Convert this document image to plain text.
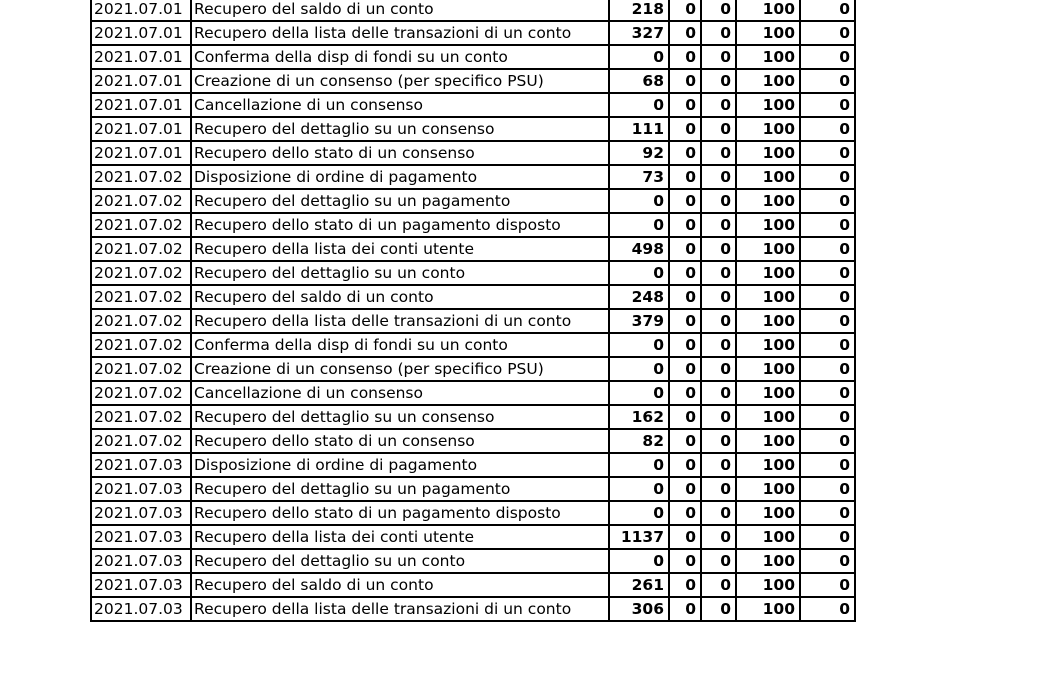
2021.07.01	Recupero del saldo di un conto	218	0	0	100	0
2021.07.01	Recupero della lista delle transazioni di un conto	327	0	0	100	0
2021.07.01	Conferma della disp di fondi su un conto	0	0	0	100	0
2021.07.01	Creazione di un consenso (per specifico PSU)	68	0	0	100	0
2021.07.01	Cancellazione di un consenso	0	0	0	100	0
2021.07.01	Recupero del dettaglio su un consenso	111	0	0	100	0
2021.07.01	Recupero dello stato di un consenso	92	0	0	100	0
2021.07.02	Disposizione di ordine di pagamento	73	0	0	100	0
2021.07.02	Recupero del dettaglio su un pagamento	0	0	0	100	0
2021.07.02	Recupero dello stato di un pagamento disposto	0	0	0	100	0
2021.07.02	Recupero della lista dei conti utente	498	0	0	100	0
2021.07.02	Recupero del dettaglio su un conto	0	0	0	100	0
2021.07.02	Recupero del saldo di un conto	248	0	0	100	0
2021.07.02	Recupero della lista delle transazioni di un conto	379	0	0	100	0
2021.07.02	Conferma della disp di fondi su un conto	0	0	0	100	0
2021.07.02	Creazione di un consenso (per specifico PSU)	0	0	0	100	0
2021.07.02	Cancellazione di un consenso	0	0	0	100	0
2021.07.02	Recupero del dettaglio su un consenso	162	0	0	100	0
2021.07.02	Recupero dello stato di un consenso	82	0	0	100	0
2021.07.03	Disposizione di ordine di pagamento	0	0	0	100	0
2021.07.03	Recupero del dettaglio su un pagamento	0	0	0	100	0
2021.07.03	Recupero dello stato di un pagamento disposto	0	0	0	100	0
2021.07.03	Recupero della lista dei conti utente	1137	0	0	100	0
2021.07.03	Recupero del dettaglio su un conto	0	0	0	100	0
2021.07.03	Recupero del saldo di un conto	261	0	0	100	0
2021.07.03	Recupero della lista delle transazioni di un conto	306	0	0	100	0
